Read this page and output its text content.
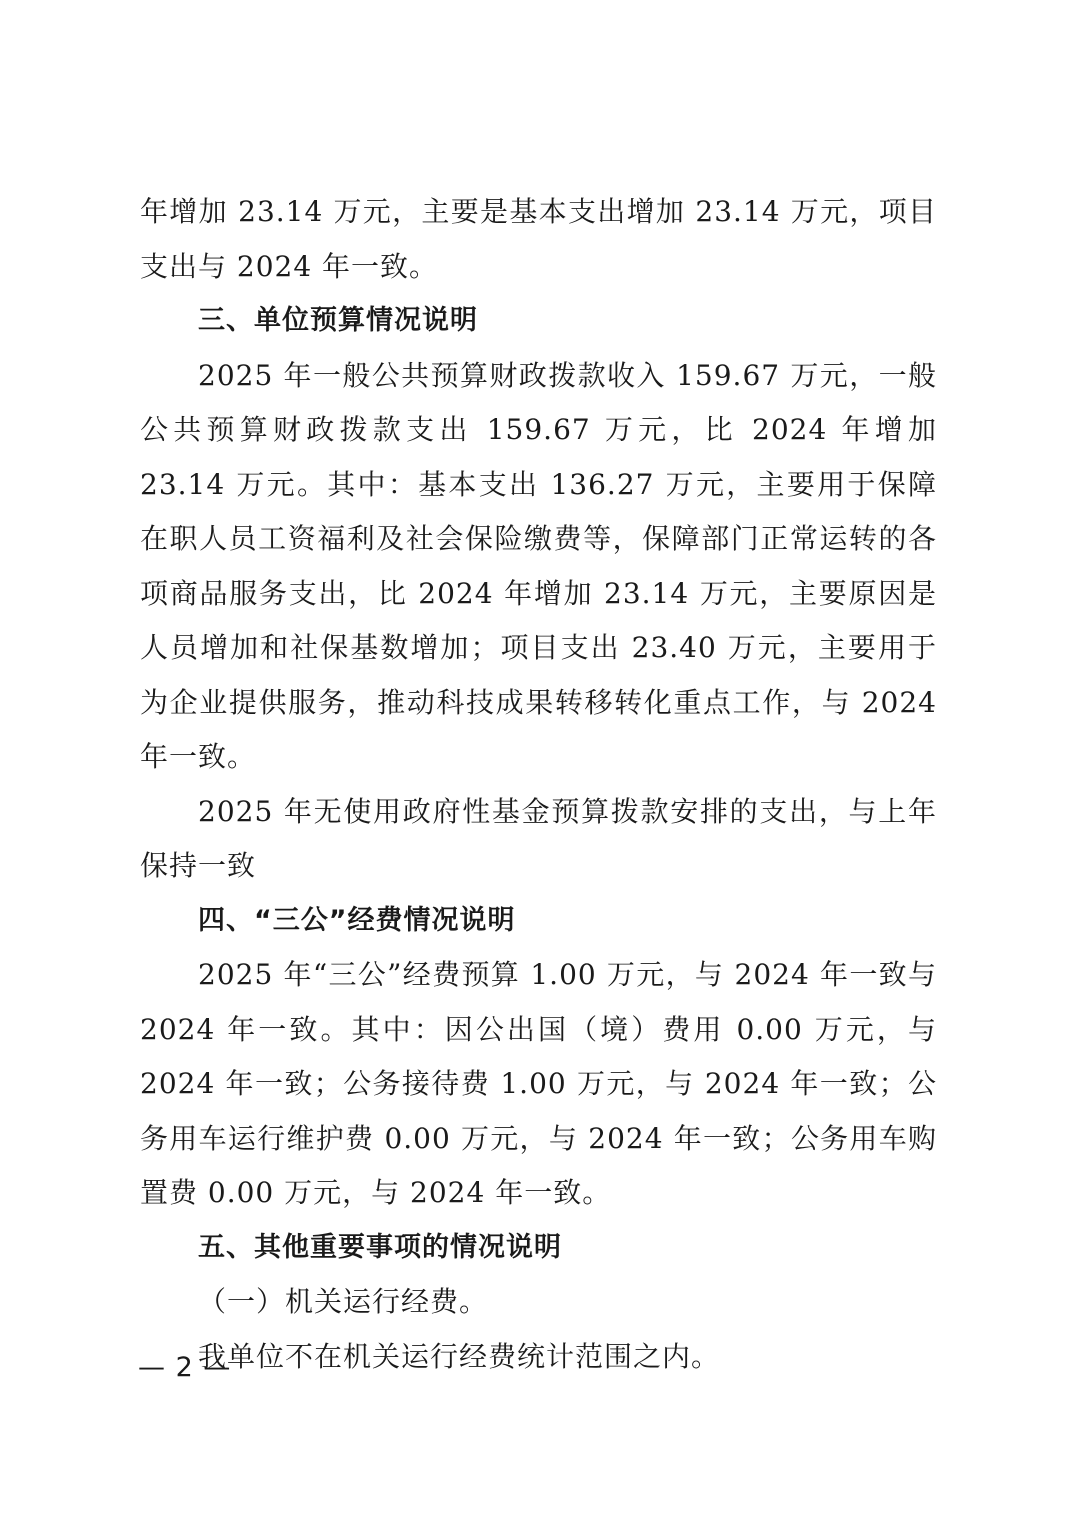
年增加 23.14 万元，主要是基本支出增加 23.14 万元，项目支出与 2024 年一致。

三、单位预算情况说明

2025 年一般公共预算财政拨款收入 159.67 万元，一般公共预算财政拨款支出 159.67 万元，比 2024 年增加 23.14 万元。其中：基本支出 136.27 万元，主要用于保障在职人员工资福利及社会保险缴费等，保障部门正常运转的各项商品服务支出，比 2024 年增加 23.14 万元，主要原因是人员增加和社保基数增加；项目支出 23.40 万元，主要用于为企业提供服务，推动科技成果转移转化重点工作，与 2024 年一致。

2025 年无使用政府性基金预算拨款安排的支出，与上年保持一致

四、“三公”经费情况说明

2025 年“三公”经费预算 1.00 万元，与 2024 年一致与 2024 年一致。其中：因公出国（境）费用 0.00 万元，与 2024 年一致；公务接待费 1.00 万元，与 2024 年一致；公务用车运行维护费 0.00 万元，与 2024 年一致；公务用车购置费 0.00 万元，与 2024 年一致。

五、其他重要事项的情况说明

（一）机关运行经费。

我单位不在机关运行经费统计范围之内。

— 2 —
